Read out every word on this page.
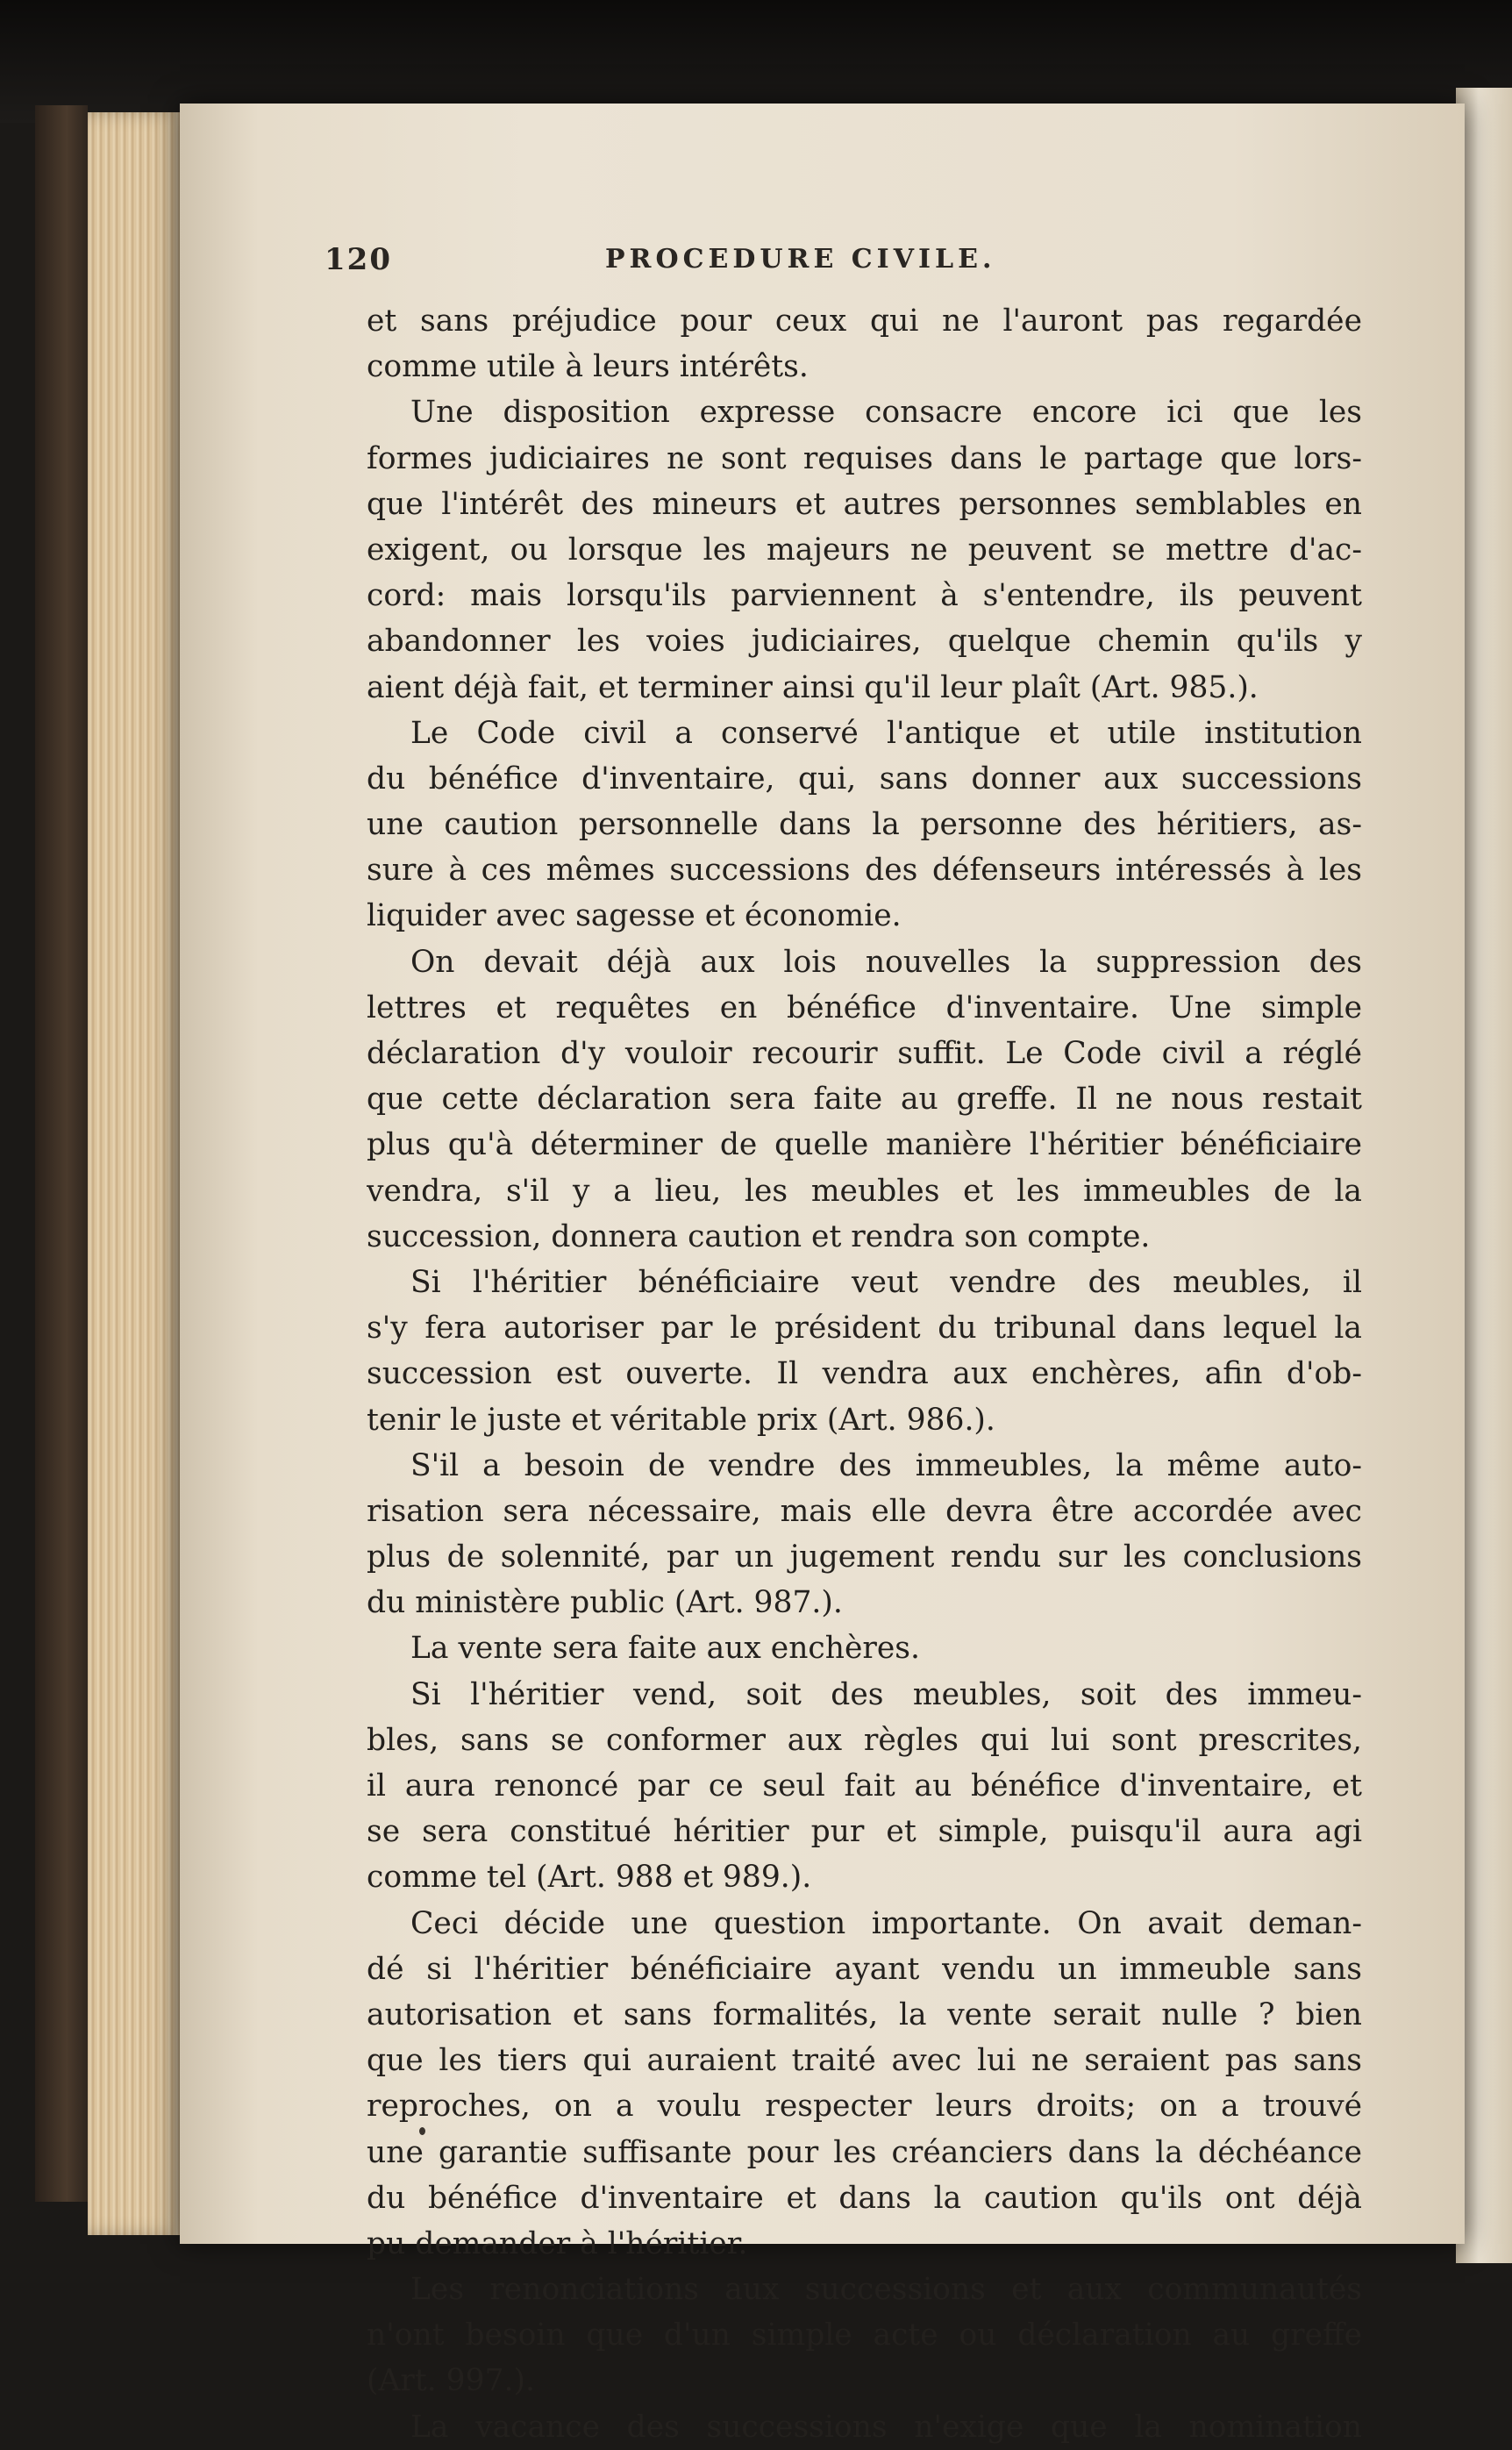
120	PROCEDURE CIVILE.
et sans préjudice pour ceux qui ne l'auront pas regardée
comme utile à leurs intérêts.
Une disposition expresse consacre encore ici que les
formes judiciaires ne sont requises dans le partage que lors-
que l'intérêt des mineurs et autres personnes semblables en
exigent, ou lorsque les majeurs ne peuvent se mettre d'ac-
cord: mais lorsqu'ils parviennent à s'entendre, ils peuvent
abandonner les voies judiciaires, quelque chemin qu'ils y
aient déjà fait, et terminer ainsi qu'il leur plaît (Art. 985.).
Le Code civil a conservé l'antique et utile institution
du bénéfice d'inventaire, qui, sans donner aux successions
une caution personnelle dans la personne des héritiers, as-
sure à ces mêmes successions des défenseurs intéressés à les
liquider avec sagesse et économie.
On devait déjà aux lois nouvelles la suppression des
lettres et requêtes en bénéfice d'inventaire. Une simple
déclaration d'y vouloir recourir suffit. Le Code civil a réglé
que cette déclaration sera faite au greffe. Il ne nous restait
plus qu'à déterminer de quelle manière l'héritier bénéficiaire
vendra, s'il y a lieu, les meubles et les immeubles de la
succession, donnera caution et rendra son compte.
Si l'héritier bénéficiaire veut vendre des meubles, il
s'y fera autoriser par le président du tribunal dans lequel la
succession est ouverte. Il vendra aux enchères, afin d'ob-
tenir le juste et véritable prix (Art. 986.).
S'il a besoin de vendre des immeubles, la même auto-
risation sera nécessaire, mais elle devra être accordée avec
plus de solennité, par un jugement rendu sur les conclusions
du ministère public (Art. 987.).
La vente sera faite aux enchères.
Si l'héritier vend, soit des meubles, soit des immeu-
bles, sans se conformer aux règles qui lui sont prescrites,
il aura renoncé par ce seul fait au bénéfice d'inventaire, et
se sera constitué héritier pur et simple, puisqu'il aura agi
comme tel (Art. 988 et 989.).
Ceci décide une question importante. On avait deman-
dé si l'héritier bénéficiaire ayant vendu un immeuble sans
autorisation et sans formalités, la vente serait nulle ? bien
que les tiers qui auraient traité avec lui ne seraient pas sans
reproches, on a voulu respecter leurs droits; on a trouvé
une garantie suffisante pour les créanciers dans la déchéance
du bénéfice d'inventaire et dans la caution qu'ils ont déjà
pu demander à l'héritier.
Les renonciations aux successions et aux communautés
n'ont besoin que d'un simple acte ou déclaration au greffe
(Art. 997.).
La vacance des successions n'exige que la nomination
